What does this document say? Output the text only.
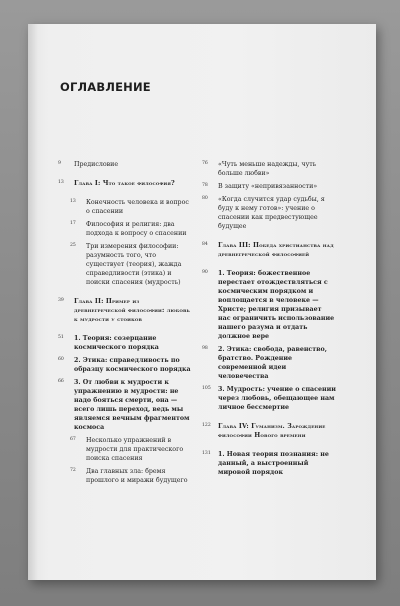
ОГЛАВЛЕНИЕ
9 Предисловие
13 Глава I: Что такое философия?
13 Конечность человека и вопрос о спасении
17 Философия и религия: два подхода к вопросу о спасении
25 Три измерения философии: разумность того, что существует (теория), жажда справедливости (этика) и поиски спасения (мудрость)
39 Глава II: Пример из древнегреческой философии: любовь к мудрости у стоиков
51 1. Теория: созерцание космического порядка
60 2. Этика: справедливость по образцу космического порядка
66 3. От любви к мудрости к упражнению в мудрости: не надо бояться смерти, она — всего лишь переход, ведь мы являемся вечным фрагментом космоса
67 Несколько упражнений в мудрости для практического поиска спасения
72 Два главных зла: бремя прошлого и миражи будущего
76 «Чуть меньше надежды, чуть больше любви»
78 В защиту «непривязанности»
80 «Когда случится удар судьбы, я буду к нему готов»: учение о спасении как предвестующее будущее
84 Глава III: Победа христианства над древнегреческой философией
90 1. Теория: божественное перестает отождествляться с космическим порядком и воплощается в человеке — Христе; религия призывает нас ограничить использование нашего разума и отдать должное вере
98 2. Этика: свобода, равенство, братство. Рождение современной идеи человечества
105 3. Мудрость: учение о спасении через любовь, обещающее нам личное бессмертие
122 Глава IV: Гуманизм. Зарождение философии Нового времени
131 1. Новая теория познания: не данный, а выстроенный мировой порядок
